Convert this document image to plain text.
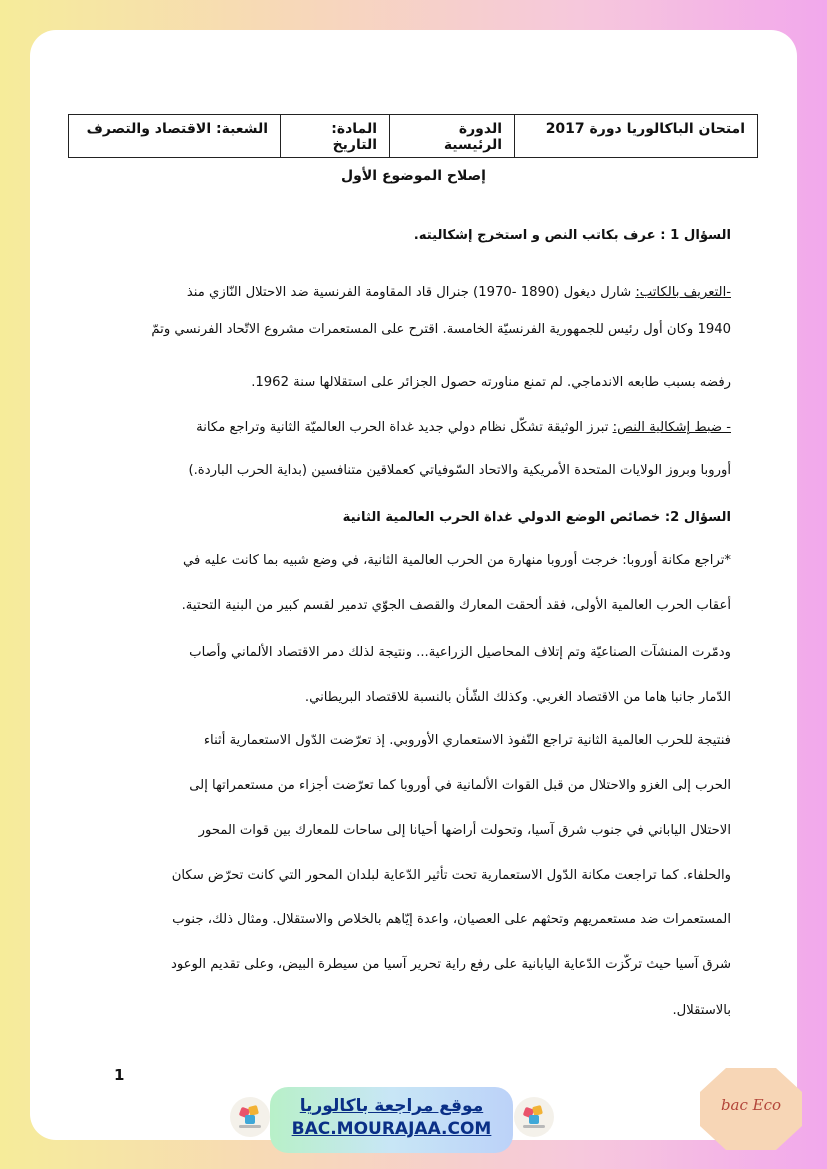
امتحان الباكالوريا دورة 2017	الدورة الرئيسية	المادة: التاريخ	الشعبة: الاقتصاد والتصرف
إصلاح الموضوع الأول
السؤال 1 : عرف بكاتب النص و استخرج إشكاليته.
-التعريف بالكاتب: شارل ديغول (1890 -1970) جنرال قاد المقاومة الفرنسية ضد الاحتلال النّازي منذ
1940 وكان أول رئيس للجمهورية الفرنسيّة الخامسة. اقترح على المستعمرات مشروع الاتّحاد الفرنسي وتمّ
رفضه بسبب طابعه الاندماجي. لم تمنع مناورته حصول الجزائر على استقلالها سنة 1962.
- ضبط إشكالية النص: تبرز الوثيقة تشكّل نظام دولي جديد غداة الحرب العالميّة الثانية وتراجع مكانة
أوروبا وبروز الولايات المتحدة الأمريكية والاتحاد السّوفياتي كعملاقين متنافسين (بداية الحرب الباردة.)
السؤال 2: خصائص الوضع الدولي غداة الحرب العالمية الثانية
*تراجع مكانة أوروبا: خرجت أوروبا منهارة من الحرب العالمية الثانية، في وضع شبيه بما كانت عليه في
أعقاب الحرب العالمية الأولى، فقد ألحقت المعارك والقصف الجوّي تدمير لقسم كبير من البنية التحتية.
ودمّرت المنشآت الصناعيّة وتم إتلاف المحاصيل الزراعية... ونتيجة لذلك دمر الاقتصاد الألماني وأصاب
الدّمار جانبا هاما من الاقتصاد الغربي. وكذلك الشّأن بالنسبة للاقتصاد البريطاني.
فنتيجة للحرب العالمية الثانية تراجع النّفوذ الاستعماري الأوروبي. إذ تعرّضت الدّول الاستعمارية أثناء
الحرب إلى الغزو والاحتلال من قبل القوات الألمانية في أوروبا كما تعرّضت أجزاء من مستعمراتها إلى
الاحتلال الياباني في جنوب شرق آسيا، وتحولت أراضها أحيانا إلى ساحات للمعارك بين قوات المحور
والحلفاء. كما تراجعت مكانة الدّول الاستعمارية تحت تأثير الدّعاية لبلدان المحور التي كانت تحرّض سكان
المستعمرات ضد مستعمريهم وتحثهم على العصيان، واعدة إيّاهم بالخلاص والاستقلال. ومثال ذلك، جنوب
شرق آسيا حيث تركّزت الدّعاية اليابانية على رفع راية تحرير آسيا من سيطرة البيض، وعلى تقديم الوعود
بالاستقلال.
1
موقع مراجعة باكالوريا
BAC.MOURAJAA.COM
bac Eco
